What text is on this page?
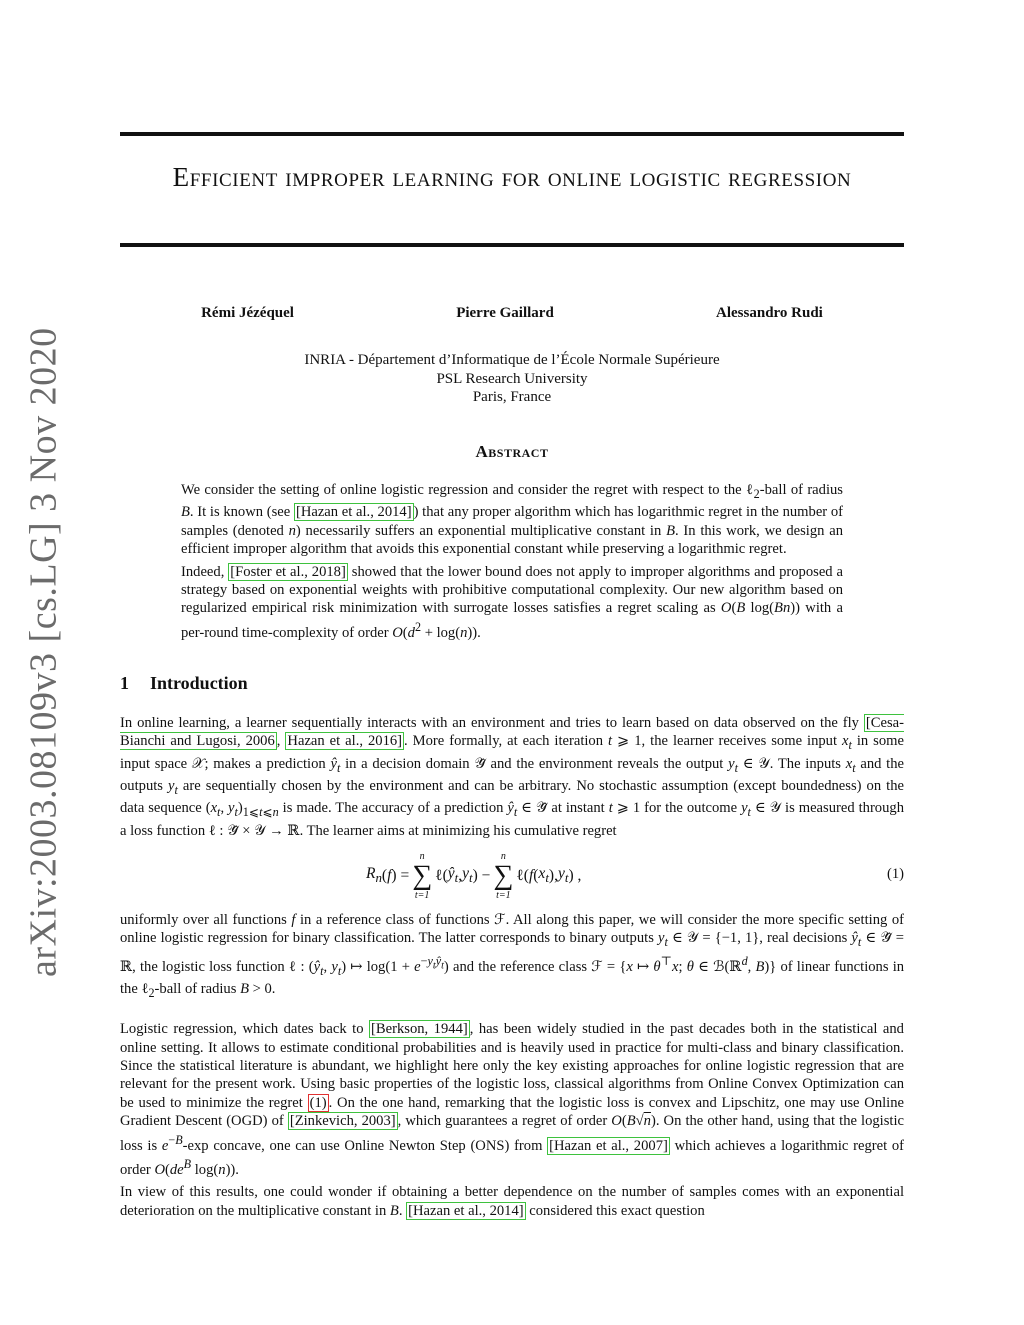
arXiv:2003.08109v3 [cs.LG] 3 Nov 2020
Efficient improper learning for online logistic regression
Rémi Jézéquel	Pierre Gaillard	Alessandro Rudi
INRIA - Département d’Informatique de l’École Normale Supérieure
PSL Research University
Paris, France
Abstract

We consider the setting of online logistic regression and consider the regret with respect to the ℓ$_2$-ball of radius B. It is known (see [Hazan et al., 2014] ) that any proper algorithm which has logarithmic regret in the number of samples (denoted n) necessarily suffers an exponential multiplicative constant in B. In this work, we design an efficient improper algorithm that avoids this exponential constant while preserving a logarithmic regret.

Indeed, [Foster et al., 2018] showed that the lower bound does not apply to improper algorithms and proposed a strategy based on exponential weights with prohibitive computational complexity. Our new algorithm based on regularized empirical risk minimization with surrogate losses satisfies a regret scaling as O(B log(Bn)) with a per-round time-complexity of order $O(d^2 + \log(n))$.

1 Introduction

In online learning, a learner sequentially interacts with an environment and tries to learn based on data observed on the fly [Cesa-Bianchi and Lugosi, 2006 , Hazan et al., 2016] . More formally, at each iteration t ⩾ 1, the learner receives some input $x_t$ in some input space 𝒳; makes a prediction $ŷ_t$ in a decision domain 𝒴̂ and the environment reveals the output $y_t$ ∈ 𝒴. The inputs $x_t$ and the outputs $y_t$ are sequentially chosen by the environment and can be arbitrary. No stochastic assumption (except boundedness) on the data sequence ($x_t$, $y_t)_{1⩽t⩽n}$ is made. The accuracy of a prediction $ŷ_t$ ∈ 𝒴̂ at instant t ⩾ 1 for the outcome $y_t$ ∈ 𝒴 is measured through a loss function ℓ : 𝒴̂ × 𝒴 → ℝ. The learner aims at minimizing his cumulative regret

$R_n$ ( f ) =
n
∑
t=1
ℓ( $ŷ_t$ , $y_t$ ) −
n
∑
t=1
ℓ( f ( $x_t$ ), $y_t$ ) ,	(1)

uniformly over all functions f in a reference class of functions ℱ. All along this paper, we will consider the more specific setting of online logistic regression for binary classification. The latter corresponds to binary outputs $y_t$ ∈ 𝒴 = {−1, 1}, real decisions $ŷ_t$ ∈ 𝒴̂ = ℝ, the logistic loss function ℓ : ($ŷ_t$, $y_t$) ↦ $\log(1 + e^{-y_tŷ_t})$ and the reference class ℱ = {x ↦ θ⊤x; θ ∈ ℬ(ℝ$^d$, B)} of linear functions in the ℓ$_2$-ball of radius B > 0.

Logistic regression, which dates back to [Berkson, 1944] , has been widely studied in the past decades both in the statistical and online setting. It allows to estimate conditional probabilities and is heavily used in practice for multi-class and binary classification. Since the statistical literature is abundant, we highlight here only the key existing approaches for online logistic regression that are relevant for the present work. Using basic properties of the logistic loss, classical algorithms from Online Convex Optimization can be used to minimize the regret (1) . On the one hand, remarking that the logistic loss is convex and Lipschitz, one may use Online Gradient Descent (OGD) of [Zinkevich, 2003] , which guarantees a regret of order O(B√n). On the other hand, using that the logistic loss is $e^{-B}-\exp$ concave, one can use Online Newton Step (ONS) from [Hazan et al., 2007] which achieves a logarithmic regret of order $O(de^B$ log(n)).

In view of this results, one could wonder if obtaining a better dependence on the number of samples comes with an exponential deterioration on the multiplicative constant in B. [Hazan et al., 2014] considered this exact question
